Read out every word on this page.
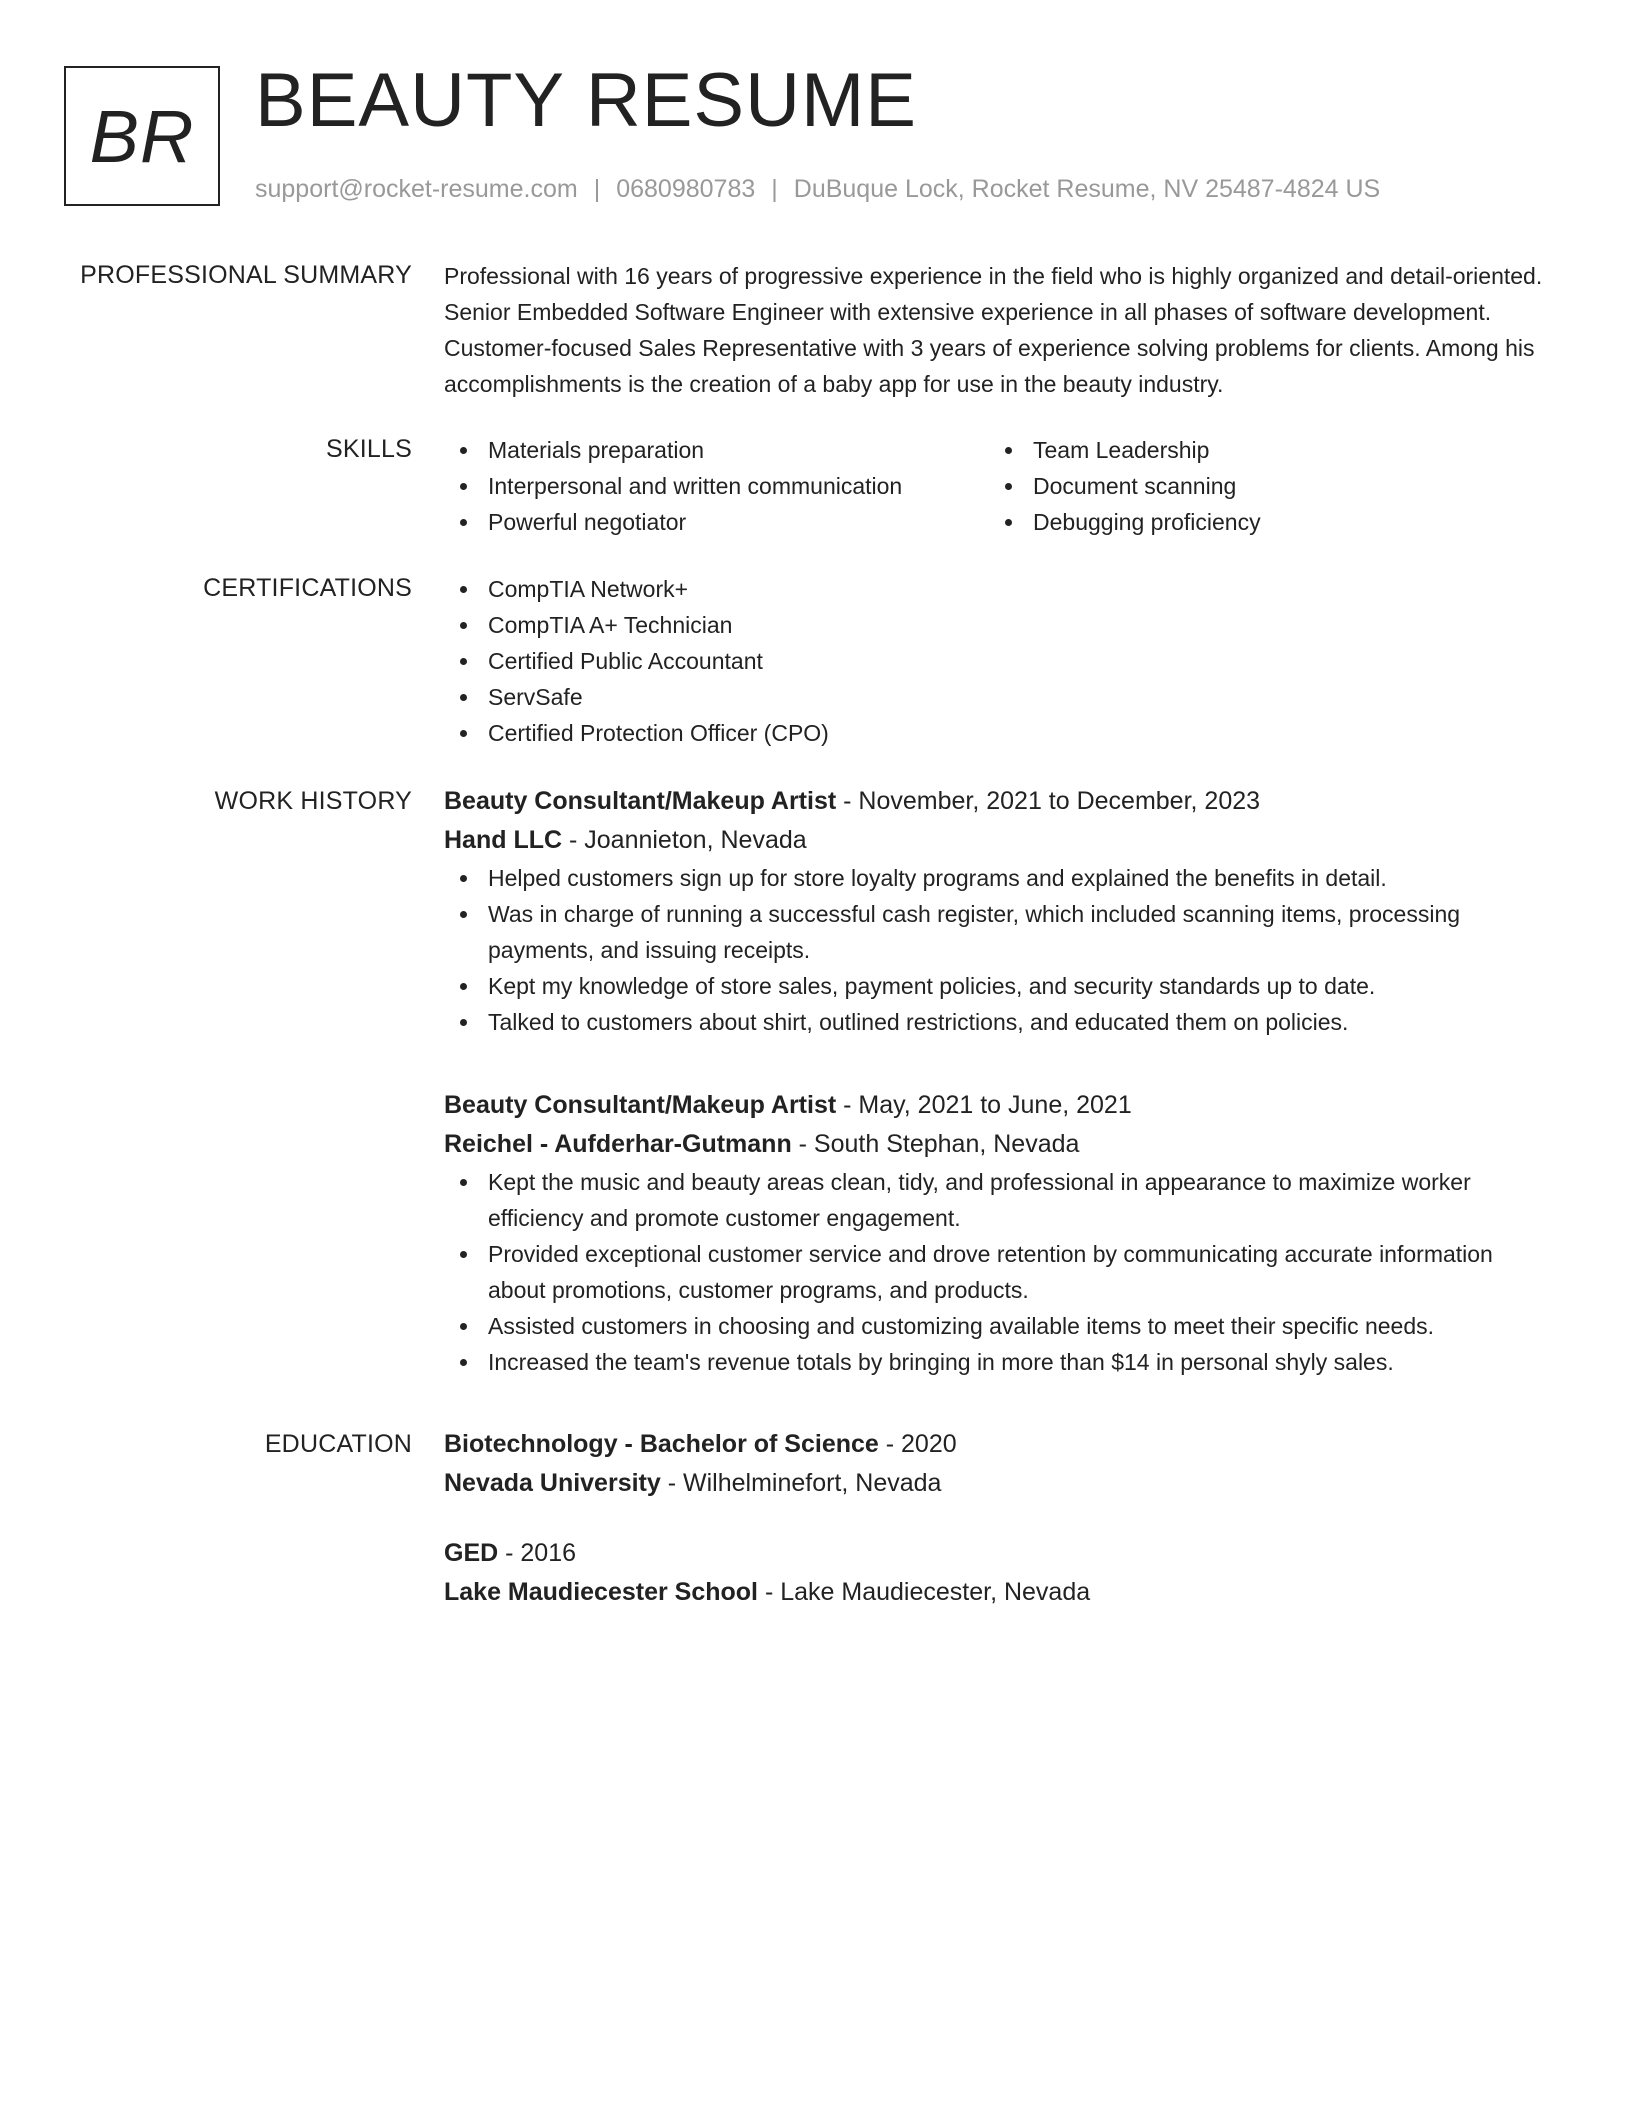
BR BEAUTY RESUME
support@rocket-resume.com | 0680980783 | DuBuque Lock, Rocket Resume, NV 25487-4824 US
PROFESSIONAL SUMMARY Professional with 16 years of progressive experience in the field who is highly organized and detail-oriented. Senior Embedded Software Engineer with extensive experience in all phases of software development. Customer-focused Sales Representative with 3 years of experience solving problems for clients. Among his accomplishments is the creation of a baby app for use in the beauty industry.
SKILLS	Materials preparation
Interpersonal and written communication
Powerful negotiator
Team Leadership
Document scanning
Debugging proficiency
CERTIFICATIONS	CompTIA Network+
CompTIA A+ Technician
Certified Public Accountant
ServSafe
Certified Protection Officer (CPO)
WORK HISTORY Beauty Consultant/Makeup Artist - November, 2021 to December, 2023
Hand LLC - Joannieton, Nevada
Helped customers sign up for store loyalty programs and explained the benefits in detail.
Was in charge of running a successful cash register, which included scanning items, processing payments, and issuing receipts.
Kept my knowledge of store sales, payment policies, and security standards up to date.
Talked to customers about shirt, outlined restrictions, and educated them on policies.
Beauty Consultant/Makeup Artist - May, 2021 to June, 2021
Reichel - Aufderhar-Gutmann - South Stephan, Nevada
Kept the music and beauty areas clean, tidy, and professional in appearance to maximize worker efficiency and promote customer engagement.
Provided exceptional customer service and drove retention by communicating accurate information about promotions, customer programs, and products.
Assisted customers in choosing and customizing available items to meet their specific needs.
Increased the team's revenue totals by bringing in more than $14 in personal shyly sales.
EDUCATION Biotechnology - Bachelor of Science - 2020
Nevada University - Wilhelminefort, Nevada
GED - 2016
Lake Maudiecester School - Lake Maudiecester, Nevada
